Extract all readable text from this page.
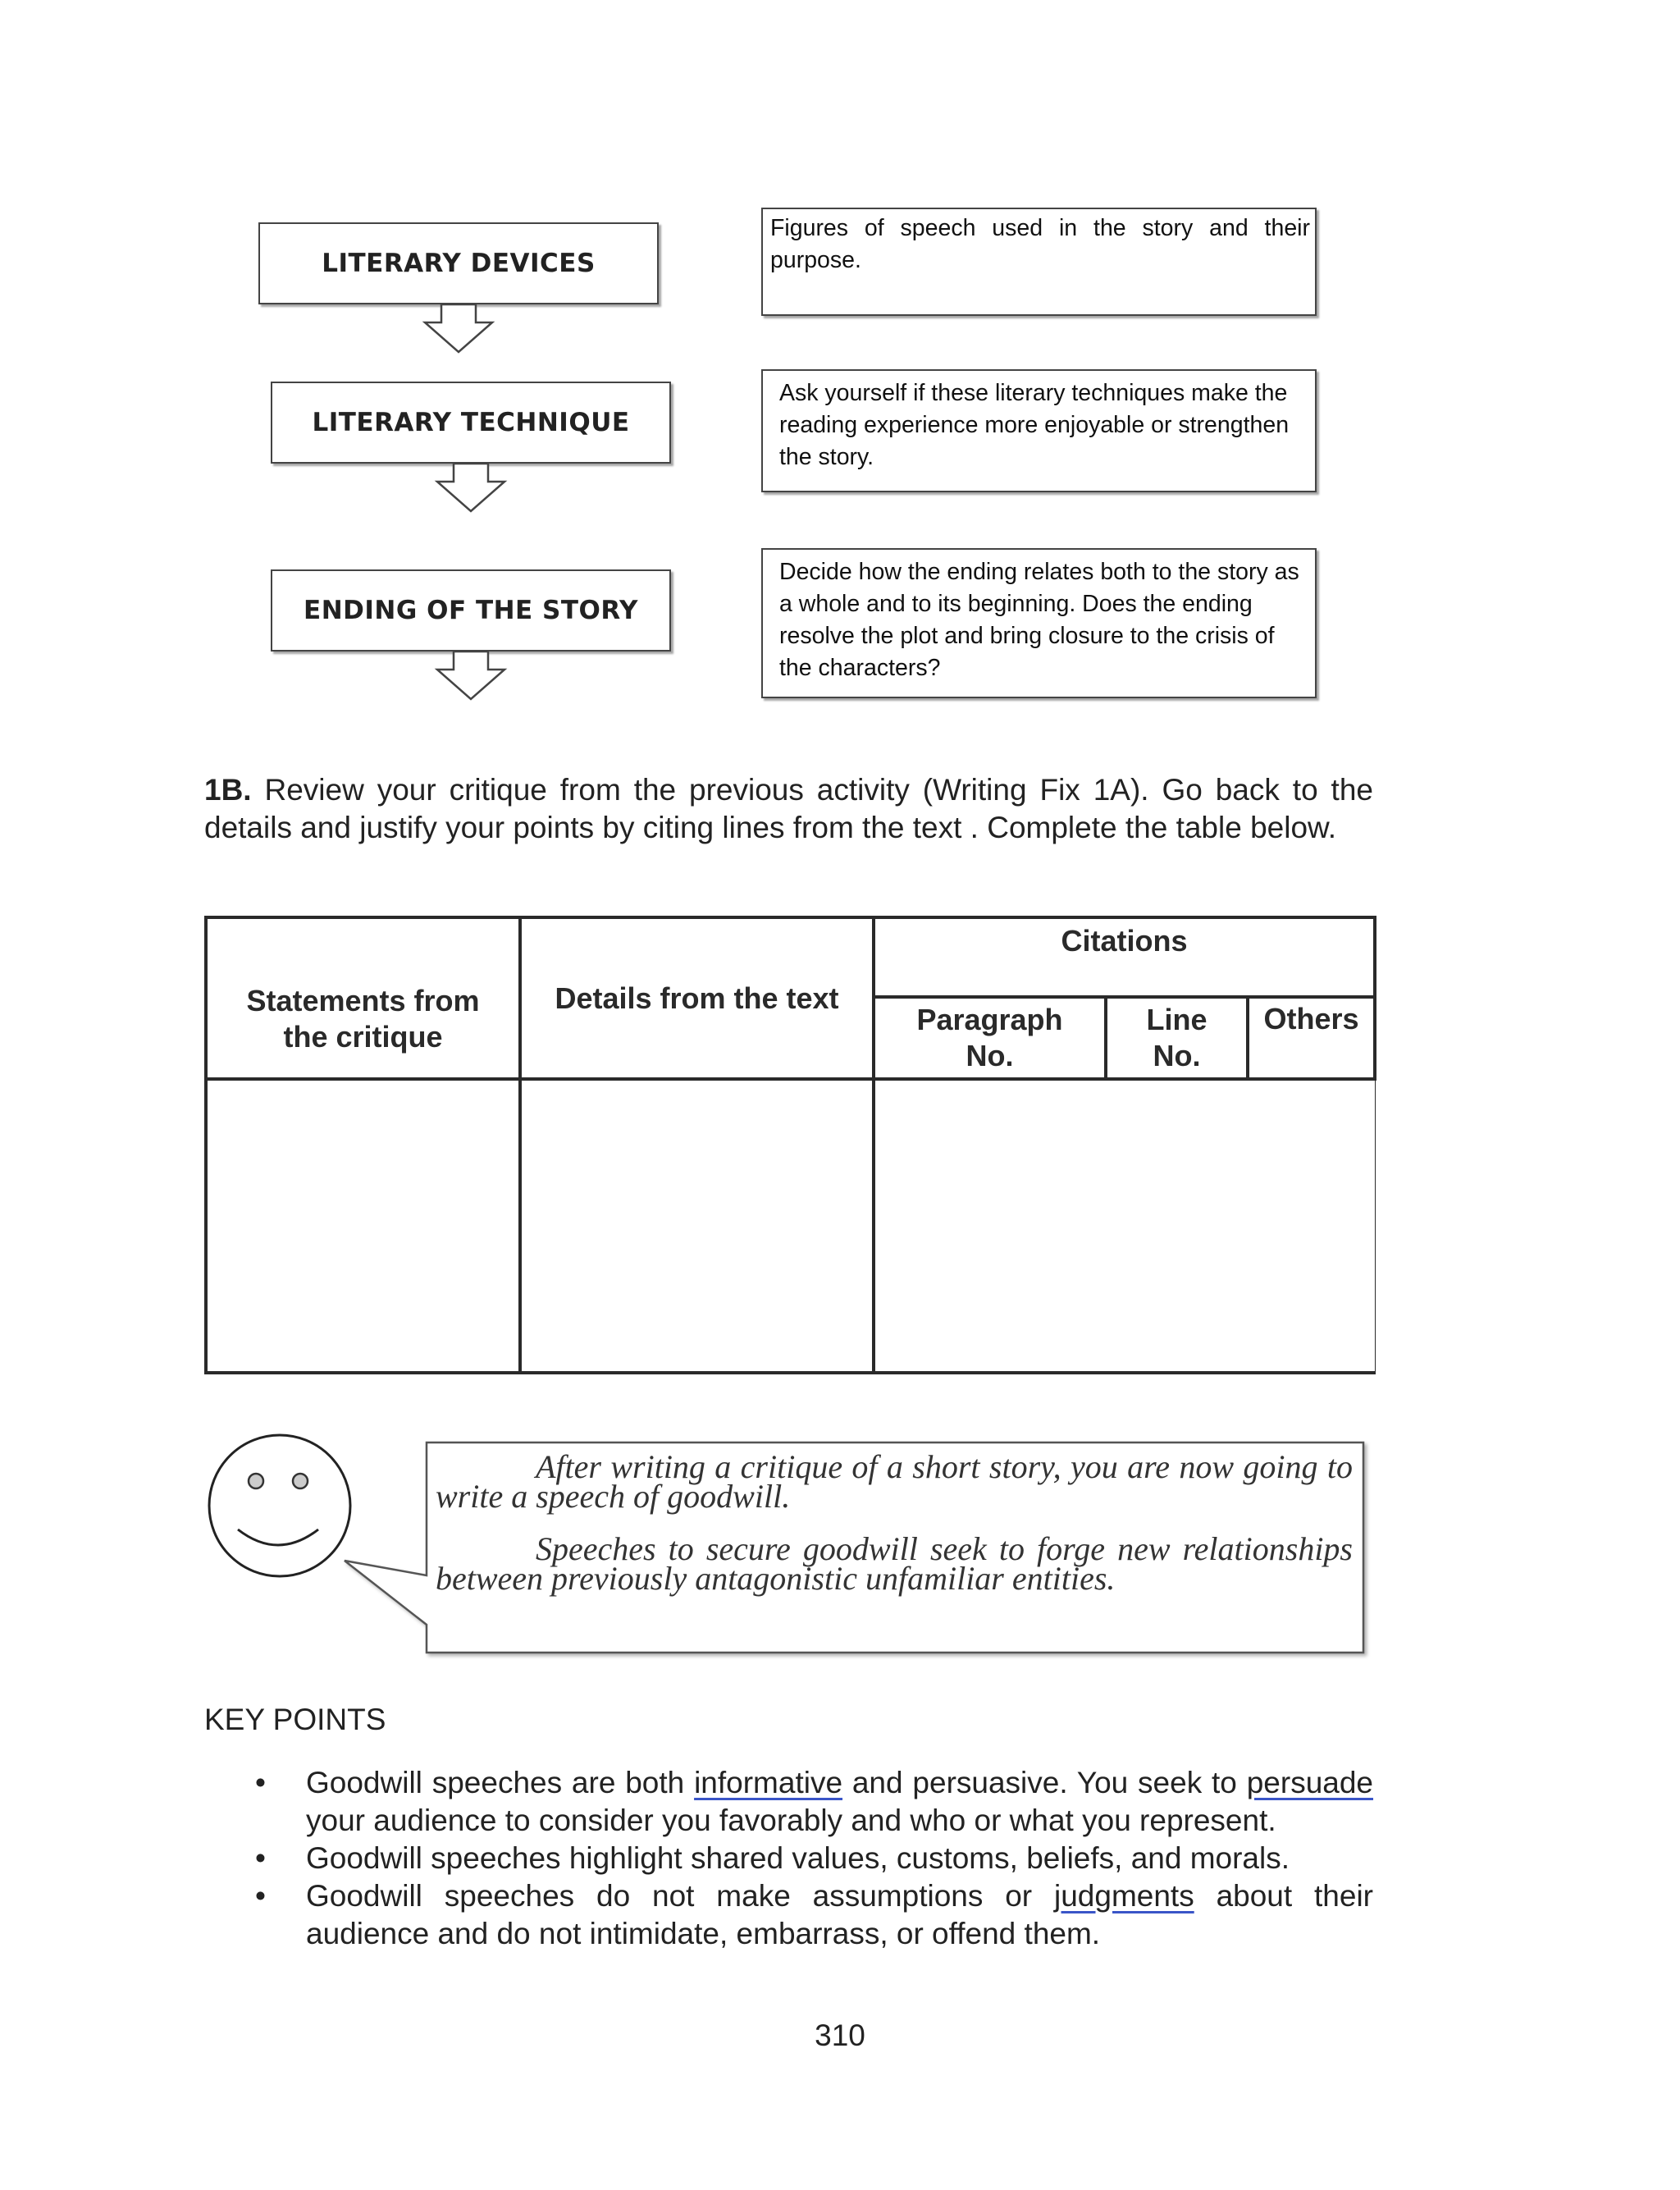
LITERARY DEVICES
Figures of speech used in the story and their purpose.
LITERARY TECHNIQUE
Ask yourself if these literary techniques make the reading experience more enjoyable or strengthen the story.
ENDING OF THE STORY
Decide how the ending relates both to the story as a whole and to its beginning. Does the ending resolve the plot and bring closure to the crisis of the characters?
1B. Review your critique from the previous activity (Writing Fix 1A). Go back to the details and justify your points by citing lines from the text . Complete the table below.
Statements from the critique	Details from the text	Citations		
		Paragraph No.	Line No.	Others

After writing a critique of a short story, you are now going to write a speech of goodwill.
Speeches to secure goodwill seek to forge new relationships between previously antagonistic unfamiliar entities.
KEY POINTS
• Goodwill speeches are both informative and persuasive. You seek to persuade your audience to consider you favorably and who or what you represent.
• Goodwill speeches highlight shared values, customs, beliefs, and morals.
• Goodwill speeches do not make assumptions or judgments about their audience and do not intimidate, embarrass, or offend them.
310
